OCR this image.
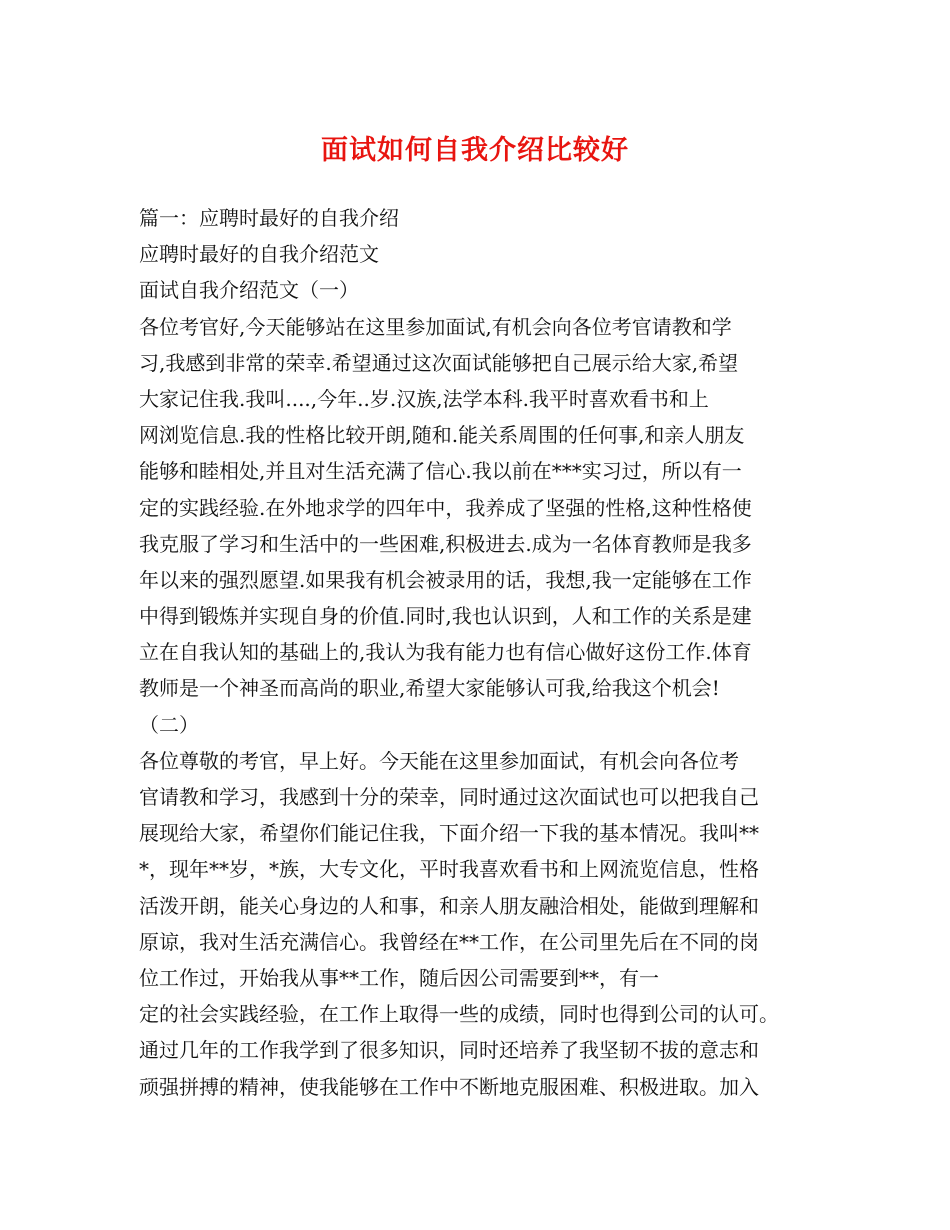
面试如何自我介绍比较好

篇一：应聘时最好的自我介绍

应聘时最好的自我介绍范文

面试自我介绍范文（一）

各位考官好,今天能够站在这里参加面试,有机会向各位考官请教和学

习,我感到非常的荣幸.希望通过这次面试能够把自己展示给大家,希望

大家记住我.我叫....,今年..岁.汉族,法学本科.我平时喜欢看书和上

网浏览信息.我的性格比较开朗,随和.能关系周围的任何事,和亲人朋友

能够和睦相处,并且对生活充满了信心.我以前在***实习过，所以有一

定的实践经验.在外地求学的四年中，我养成了坚强的性格,这种性格使

我克服了学习和生活中的一些困难,积极进去.成为一名体育教师是我多

年以来的强烈愿望.如果我有机会被录用的话，我想,我一定能够在工作

中得到锻炼并实现自身的价值.同时,我也认识到，人和工作的关系是建

立在自我认知的基础上的,我认为我有能力也有信心做好这份工作.体育

教师是一个神圣而高尚的职业,希望大家能够认可我,给我这个机会!

（二）

各位尊敬的考官，早上好。今天能在这里参加面试，有机会向各位考

官请教和学习，我感到十分的荣幸，同时通过这次面试也可以把我自己

展现给大家，希望你们能记住我，下面介绍一下我的基本情况。我叫**

*，现年**岁，*族，大专文化，平时我喜欢看书和上网流览信息，性格

活泼开朗，能关心身边的人和事，和亲人朋友融洽相处，能做到理解和

原谅，我对生活充满信心。我曾经在**工作，在公司里先后在不同的岗

位工作过，开始我从事**工作，随后因公司需要到**，有一

定的社会实践经验，在工作上取得一些的成绩，同时也得到公司的认可。

通过几年的工作我学到了很多知识，同时还培养了我坚韧不拔的意志和

顽强拼搏的精神，使我能够在工作中不断地克服困难、积极进取。加入
